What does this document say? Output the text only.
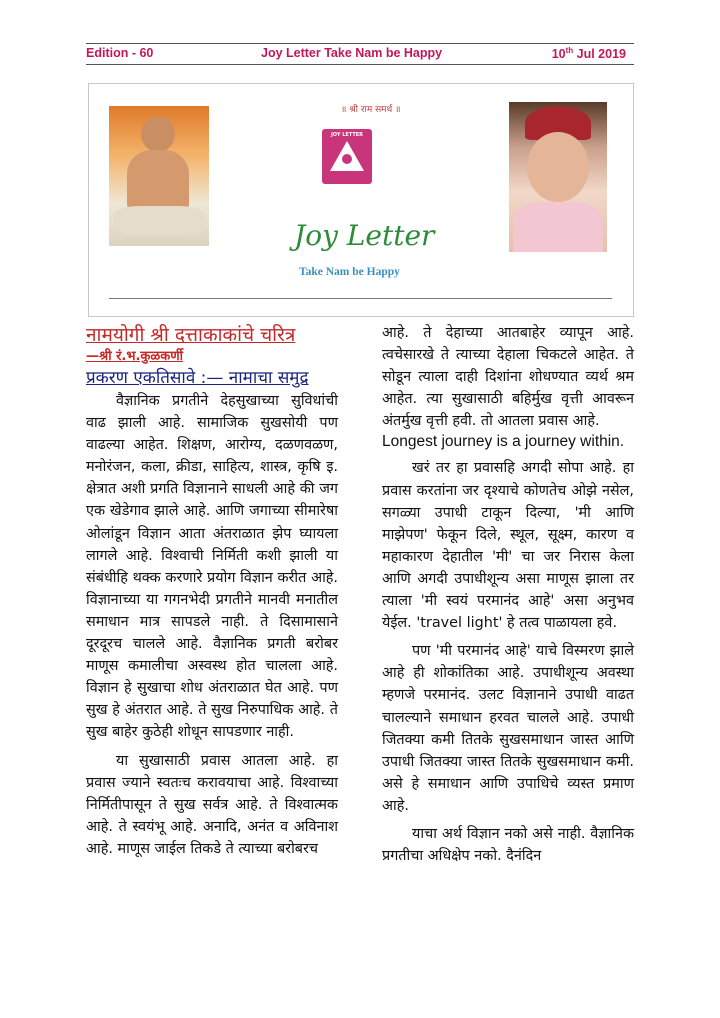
Edition - 60	Joy Letter Take Nam be Happy	10th Jul 2019
॥ श्री राम समर्थ ॥
JOY LETTER
Joy Letter
Take Nam be Happy

नामयोगी श्री दत्ताकाकांचे चरित्र

—श्री रं.भ.कुळकर्णी

प्रकरण एकतिसावे :— नामाचा समुद्र

वैज्ञानिक प्रगतीने देहसुखाच्या सुविधांची वाढ झाली आहे. सामाजिक सुखसोयी पण वाढल्या आहेत. शिक्षण, आरोग्य, दळणवळण, मनोरंजन, कला, क्रीडा, साहित्य, शास्त्र, कृषि इ. क्षेत्रात अशी प्रगति विज्ञानाने साधली आहे की जग एक खेडेगाव झाले आहे. आणि जगाच्या सीमारेषा ओलांडून विज्ञान आता अंतराळात झेप घ्यायला लागले आहे. विश्वाची निर्मिती कशी झाली या संबंधीहि थक्क करणारे प्रयोग विज्ञान करीत आहे. विज्ञानाच्या या गगनभेदी प्रगतीने मानवी मनातील समाधान मात्र सापडले नाही. ते दिसामासाने दूरदूरच चालले आहे. वैज्ञानिक प्रगती बरोबर माणूस कमालीचा अस्वस्थ होत चालला आहे. विज्ञान हे सुखाचा शोध अंतराळात घेत आहे. पण सुख हे अंतरात आहे. ते सुख निरुपाधिक आहे. ते सुख बाहेर कुठेही शोधून सापडणार नाही.

या सुखासाठी प्रवास आतला आहे. हा प्रवास ज्याने स्वतःच करावयाचा आहे. विश्वाच्या निर्मितीपासून ते सुख सर्वत्र आहे. ते विश्वात्मक आहे. ते स्वयंभू आहे. अनादि, अनंत व अविनाश आहे. माणूस जाईल तिकडे ते त्याच्या बरोबरच

आहे. ते देहाच्या आतबाहेर व्यापून आहे. त्वचेसारखे ते त्याच्या देहाला चिकटले आहेत. ते सोडून त्याला दाही दिशांना शोधण्यात व्यर्थ श्रम आहेत. त्या सुखासाठी बहिर्मुख वृत्ती आवरून अंतर्मुख वृत्ती हवी. तो आतला प्रवास आहे.

Longest journey is a journey within.

खरं तर हा प्रवासहि अगदी सोपा आहे. हा प्रवास करतांना जर दृश्याचे कोणतेच ओझे नसेल, सगळ्या उपाधी टाकून दिल्या, 'मी आणि माझेपण' फेकून दिले, स्थूल, सूक्ष्म, कारण व महाकारण देहातील 'मी' चा जर निरास केला आणि अगदी उपाधीशून्य असा माणूस झाला तर त्याला 'मी स्वयं परमानंद आहे' असा अनुभव येईल. 'travel light' हे तत्व पाळायला हवे.

पण 'मी परमानंद आहे' याचे विस्मरण झाले आहे ही शोकांतिका आहे. उपाधीशून्य अवस्था म्हणजे परमानंद. उलट विज्ञानाने उपाधी वाढत चालल्याने समाधान हरवत चालले आहे. उपाधी जितक्या कमी तितके सुखसमाधान जास्त आणि उपाधी जितक्या जास्त तितके सुखसमाधान कमी. असे हे समाधान आणि उपाधिचे व्यस्त प्रमाण आहे.

याचा अर्थ विज्ञान नको असे नाही. वैज्ञानिक प्रगतीचा अधिक्षेप नको. दैनंदिन
